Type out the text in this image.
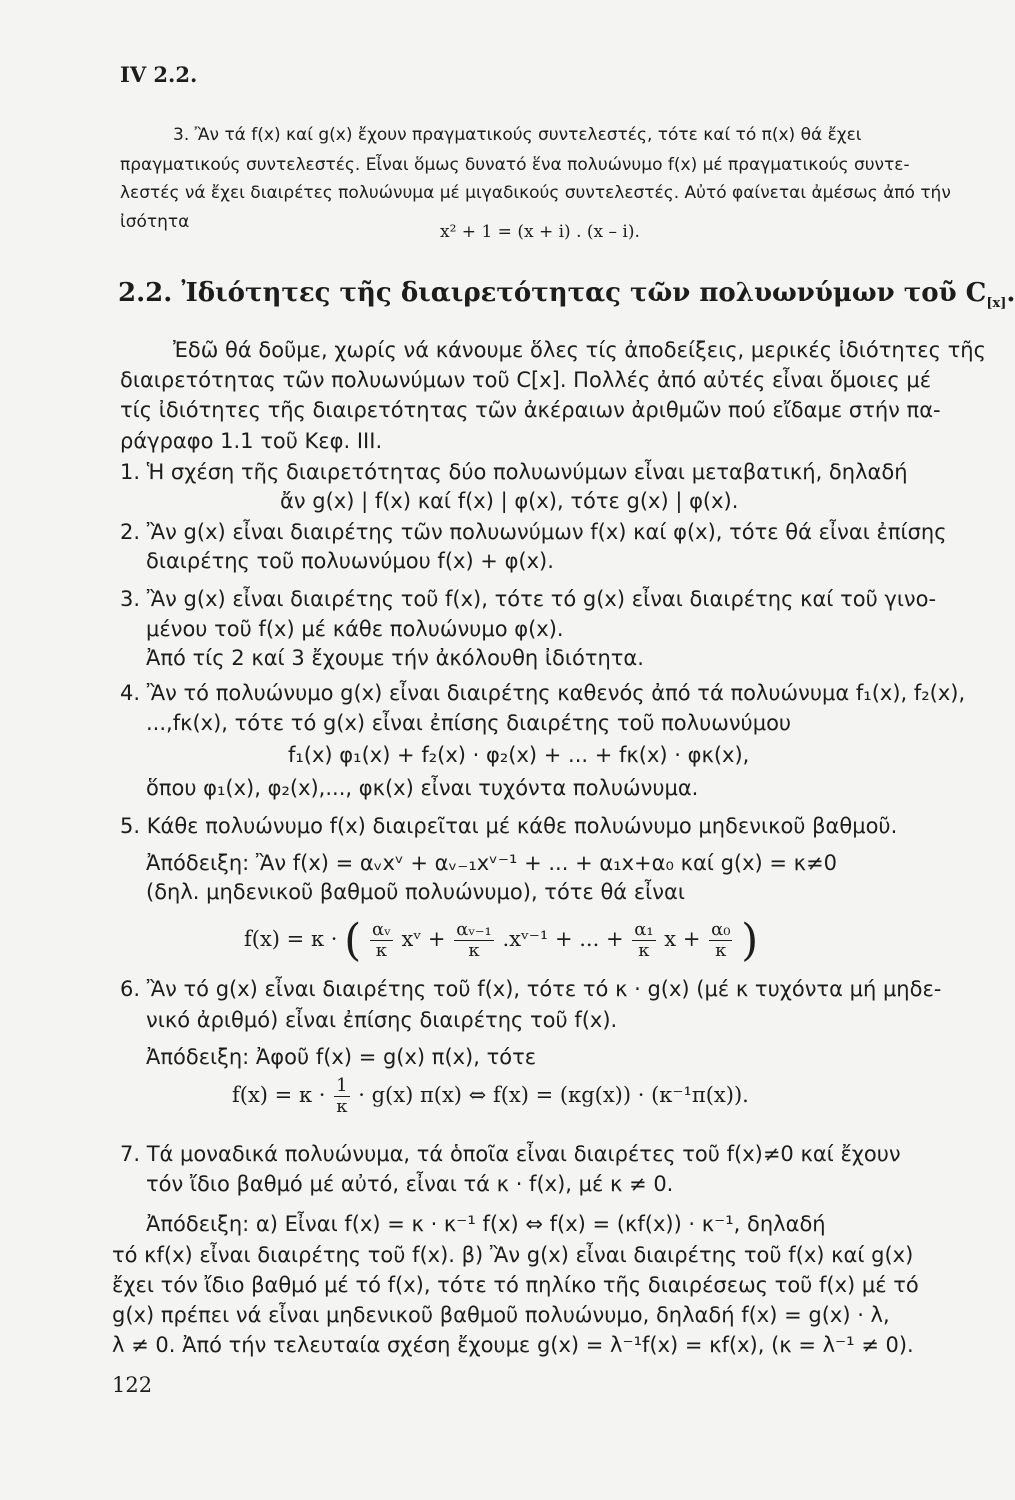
IV 2.2.
3. Ἂν τά f(x) καί g(x) ἔχουν πραγματικούς συντελεστές, τότε καί τό π(x) θά ἔχει
πραγματικούς συντελεστές. Εἶναι ὅμως δυνατό ἕνα πολυώνυμο f(x) μέ πραγματικούς συντε-
λεστές νά ἔχει διαιρέτες πολυώνυμα μέ μιγαδικούς συντελεστές. Αὐτό φαίνεται ἀμέσως ἀπό τήν
ἰσότητα	x² + 1 = (x + i) . (x – i).
2.2. Ἰδιότητες τῆς διαιρετότητας τῶν πολυωνύμων τοῦ $C_{[x]}$.
Ἐδῶ θά δοῦμε, χωρίς νά κάνουμε ὅλες τίς ἀποδείξεις, μερικές ἰδιότητες τῆς
διαιρετότητας τῶν πολυωνύμων τοῦ C[x]. Πολλές ἀπό αὐτές εἶναι ὅμοιες μέ
τίς ἰδιότητες τῆς διαιρετότητας τῶν ἀκέραιων ἀριθμῶν πού εἴδαμε στήν πα-
ράγραφο 1.1 τοῦ Κεφ. ΙΙΙ.
1. Ἡ σχέση τῆς διαιρετότητας δύο πολυωνύμων εἶναι μεταβατική, δηλαδή
ἄν g(x) | f(x) καί f(x) | φ(x), τότε g(x) | φ(x).
2. Ἂν g(x) εἶναι διαιρέτης τῶν πολυωνύμων f(x) καί φ(x), τότε θά εἶναι ἐπίσης
διαιρέτης τοῦ πολυωνύμου f(x) + φ(x).
3. Ἂν g(x) εἶναι διαιρέτης τοῦ f(x), τότε τό g(x) εἶναι διαιρέτης καί τοῦ γινο-
μένου τοῦ f(x) μέ κάθε πολυώνυμο φ(x).
Ἀπό τίς 2 καί 3 ἔχουμε τήν ἀκόλουθη ἰδιότητα.
4. Ἂν τό πολυώνυμο g(x) εἶναι διαιρέτης καθενός ἀπό τά πολυώνυμα f₁(x), f₂(x),
...,fκ(x), τότε τό g(x) εἶναι ἐπίσης διαιρέτης τοῦ πολυωνύμου
f₁(x) φ₁(x) + f₂(x) · φ₂(x) + ... + fκ(x) · φκ(x),
ὅπου φ₁(x), φ₂(x),..., φκ(x) εἶναι τυχόντα πολυώνυμα.
5. Κάθε πολυώνυμο f(x) διαιρεῖται μέ κάθε πολυώνυμο μηδενικοῦ βαθμοῦ.
Ἀπόδειξη: Ἂν f(x) = αᵥxᵛ + αᵥ₋₁xᵛ⁻¹ + ... + α₁x+α₀ καί g(x) = κ≠0
(δηλ. μηδενικοῦ βαθμοῦ πολυώνυμο), τότε θά εἶναι
f(x) = κ · ( $\frac{\text{αᵥ}}{\kappa}$ xᵛ + $\frac{\text{αᵥ₋₁}}{\kappa}$ .xᵛ⁻¹ + ... + $\frac{\text{α₁}}{\kappa}$ $x + \frac{\text{α₀}}{\kappa}$ )
6. Ἂν τό g(x) εἶναι διαιρέτης τοῦ f(x), τότε τό κ · g(x) (μέ κ τυχόντα μή μηδε-
νικό ἀριθμό) εἶναι ἐπίσης διαιρέτης τοῦ f(x).
Ἀπόδειξη: Ἀφοῦ f(x) = g(x) π(x), τότε
$f(x) = \kappa \cdot \frac{1}{\kappa} \cdot g(x)$ π(x) ⇔ f(x) = (κg(x)) · (κ⁻¹π(x)).
7. Τά μοναδικά πολυώνυμα, τά ὁποῖα εἶναι διαιρέτες τοῦ f(x)≠0 καί ἔχουν
τόν ἴδιο βαθμό μέ αὐτό, εἶναι τά κ · f(x), μέ κ ≠ 0.
Ἀπόδειξη: α) Εἶναι f(x) = κ · κ⁻¹ f(x) ⇔ f(x) = (κf(x)) · κ⁻¹, δηλαδή
τό κf(x) εἶναι διαιρέτης τοῦ f(x). β) Ἂν g(x) εἶναι διαιρέτης τοῦ f(x) καί g(x)
ἔχει τόν ἴδιο βαθμό μέ τό f(x), τότε τό πηλίκο τῆς διαιρέσεως τοῦ f(x) μέ τό
g(x) πρέπει νά εἶναι μηδενικοῦ βαθμοῦ πολυώνυμο, δηλαδή f(x) = g(x) · λ,
λ ≠ 0. Ἀπό τήν τελευταία σχέση ἔχουμε g(x) = λ⁻¹f(x) = κf(x), (κ = λ⁻¹ ≠ 0).
122
